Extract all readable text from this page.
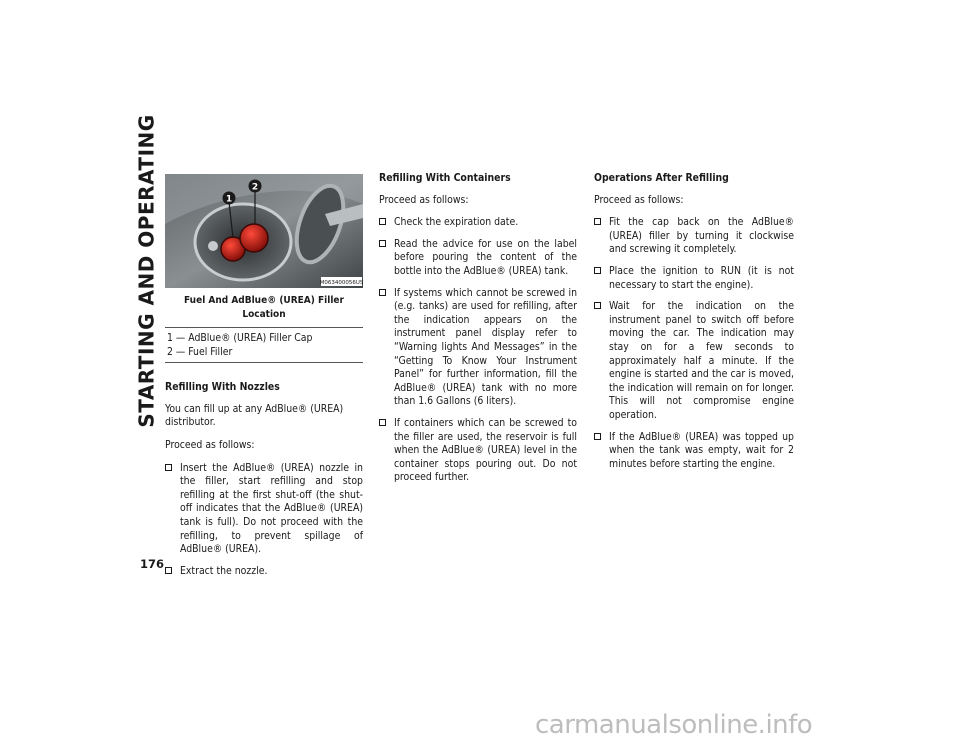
STARTING AND OPERATING
176
1
2
M063400056US
Fuel And AdBlue® (UREA) Filler Location
1 — AdBlue® (UREA) Filler Cap
2 — Fuel Filler
Refilling With Nozzles

You can fill up at any AdBlue® (UREA) distributor.

Proceed as follows:

Insert the AdBlue® (UREA) nozzle in the filler, start refilling and stop refilling at the first shut-off (the shut-off indicates that the AdBlue® (UREA) tank is full). Do not proceed with the refilling, to prevent spillage of AdBlue® (UREA).
Extract the nozzle.
Refilling With Containers

Proceed as follows:

Check the expiration date.
Read the advice for use on the label before pouring the content of the bottle into the AdBlue® (UREA) tank.
If systems which cannot be screwed in (e.g. tanks) are used for refilling, after the indication appears on the instrument panel display refer to “Warning lights And Messages” in the “Getting To Know Your Instrument Panel” for further information, fill the AdBlue® (UREA) tank with no more than 1.6 Gallons (6 liters).
If containers which can be screwed to the filler are used, the reservoir is full when the AdBlue® (UREA) level in the container stops pouring out. Do not proceed further.
Operations After Refilling

Proceed as follows:

Fit the cap back on the AdBlue® (UREA) filler by turning it clockwise and screwing it completely.
Place the ignition to RUN (it is not necessary to start the engine).
Wait for the indication on the instrument panel to switch off before moving the car. The indication may stay on for a few seconds to approximately half a minute. If the engine is started and the car is moved, the indication will remain on for longer. This will not compromise engine operation.
If the AdBlue® (UREA) was topped up when the tank was empty, wait for 2 minutes before starting the engine.
carmanualsonline.info
